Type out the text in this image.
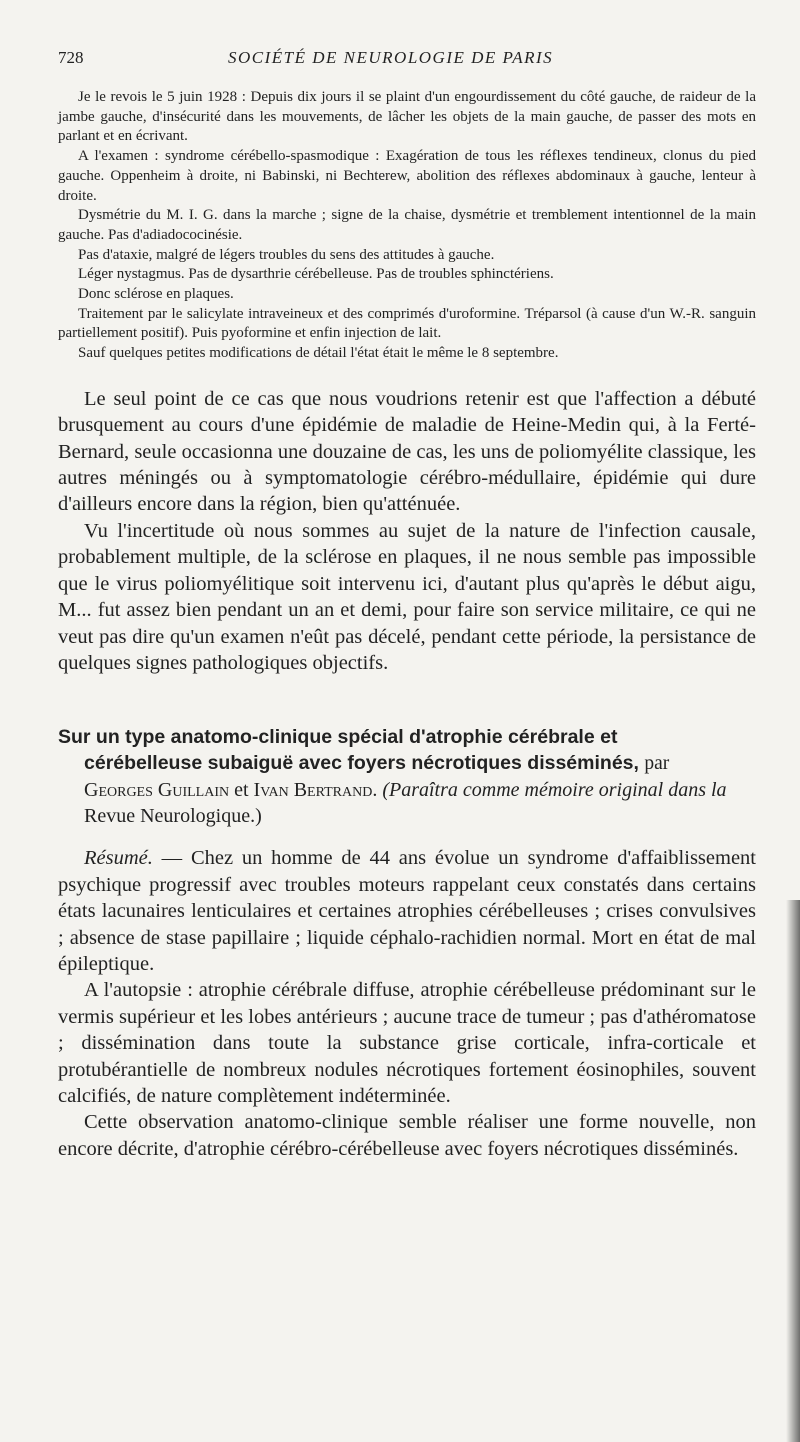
728	SOCIÉTÉ DE NEUROLOGIE DE PARIS

Je le revois le 5 juin 1928 : Depuis dix jours il se plaint d'un engourdissement du côté gauche, de raideur de la jambe gauche, d'insécurité dans les mouvements, de lâcher les objets de la main gauche, de passer des mots en parlant et en écrivant.

A l'examen : syndrome cérébello-spasmodique : Exagération de tous les réflexes tendineux, clonus du pied gauche. Oppenheim à droite, ni Babinski, ni Bechterew, abolition des réflexes abdominaux à gauche, lenteur à droite.

Dysmétrie du M. I. G. dans la marche ; signe de la chaise, dysmétrie et tremblement intentionnel de la main gauche. Pas d'adiadococinésie.

Pas d'ataxie, malgré de légers troubles du sens des attitudes à gauche.

Léger nystagmus. Pas de dysarthrie cérébelleuse. Pas de troubles sphinctériens.

Donc sclérose en plaques.

Traitement par le salicylate intraveineux et des comprimés d'uroformine. Tréparsol (à cause d'un W.-R. sanguin partiellement positif). Puis pyoformine et enfin injection de lait.

Sauf quelques petites modifications de détail l'état était le même le 8 septembre.

Le seul point de ce cas que nous voudrions retenir est que l'affection a débuté brusquement au cours d'une épidémie de maladie de Heine-Medin qui, à la Ferté-Bernard, seule occasionna une douzaine de cas, les uns de poliomyélite classique, les autres méningés ou à symptomatologie cérébro-médullaire, épidémie qui dure d'ailleurs encore dans la région, bien qu'atténuée.

Vu l'incertitude où nous sommes au sujet de la nature de l'infection causale, probablement multiple, de la sclérose en plaques, il ne nous semble pas impossible que le virus poliomyélitique soit intervenu ici, d'autant plus qu'après le début aigu, M... fut assez bien pendant un an et demi, pour faire son service militaire, ce qui ne veut pas dire qu'un examen n'eût pas décelé, pendant cette période, la persistance de quelques signes pathologiques objectifs.

Sur un type anatomo-clinique spécial d'atrophie cérébrale et
cérébelleuse subaiguë avec foyers nécrotiques disséminés, par
Georges Guillain et Ivan Bertrand. (Paraîtra comme mémoire original dans la Revue Neurologique.)

Résumé. — Chez un homme de 44 ans évolue un syndrome d'affaiblissement psychique progressif avec troubles moteurs rappelant ceux constatés dans certains états lacunaires lenticulaires et certaines atrophies cérébelleuses ; crises convulsives ; absence de stase papillaire ; liquide céphalo-rachidien normal. Mort en état de mal épileptique.

A l'autopsie : atrophie cérébrale diffuse, atrophie cérébelleuse prédominant sur le vermis supérieur et les lobes antérieurs ; aucune trace de tumeur ; pas d'athéromatose ; dissémination dans toute la substance grise corticale, infra-corticale et protubérantielle de nombreux nodules nécrotiques fortement éosinophiles, souvent calcifiés, de nature complètement indéterminée.

Cette observation anatomo-clinique semble réaliser une forme nouvelle, non encore décrite, d'atrophie cérébro-cérébelleuse avec foyers nécrotiques disséminés.
